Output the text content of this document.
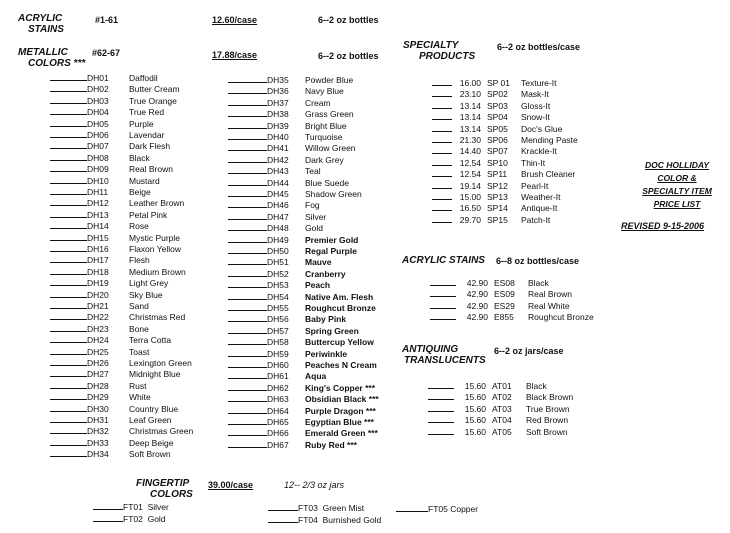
ACRYLIC
STAINS
#1-61	12.60/case	6--2 oz bottles
METALLIC
COLORS ***
#62-67	17.88/case	6--2 oz bottles
DH01 Daffodil
DH02 Butter Cream
DH03 True Orange
DH04 True Red
DH05 Purple
DH06 Lavendar
DH07 Dark Flesh
DH08 Black
DH09 Real Brown
DH10 Mustard
DH11 Beige
DH12 Leather Brown
DH13 Petal Pink
DH14 Rose
DH15 Mystic Purple
DH16 Flaxon Yellow
DH17 Flesh
DH18 Medium Brown
DH19 Light Grey
DH20 Sky Blue
DH21 Sand
DH22 Christmas Red
DH23 Bone
DH24 Terra Cotta
DH25 Toast
DH26 Lexington Green
DH27 Midnight Blue
DH28 Rust
DH29 White
DH30 Country Blue
DH31 Leaf Green
DH32 Christmas Green
DH33 Deep Beige
DH34 Soft Brown
DH35 Powder Blue
DH36 Navy Blue
DH37 Cream
DH38 Grass Green
DH39 Bright Blue
DH40 Turquoise
DH41 Willow Green
DH42 Dark Grey
DH43 Teal
DH44 Blue Suede
DH45 Shadow Green
DH46 Fog
DH47 Silver
DH48 Gold
DH49 Premier Gold
DH50 Regal Purple
DH51 Mauve
DH52 Cranberry
DH53 Peach
DH54 Native Am. Flesh
DH55 Roughcut Bronze
DH56 Baby Pink
DH57 Spring Green
DH58 Buttercup Yellow
DH59 Periwinkle
DH60 Peaches N Cream
DH61 Aqua
DH62 King's Copper ***
DH63 Obsidian Black ***
DH64 Purple Dragon ***
DH65 Egyptian Blue ***
DH66 Emerald Green ***
DH67 Ruby Red ***
SPECIALTY
PRODUCTS
6--2 oz bottles/case
16.00 SP 01 Texture-It
23.10 SP02 Mask-It
13.14 SP03 Gloss-It
13.14 SP04 Snow-It
13.14 SP05 Doc's Glue
21.30 SP06 Mending Paste
14.40 SP07 Krackle-It
12.54 SP10 Thin-It
12.54 SP11 Brush Cleaner
19.14 SP12 Pearl-It
15.00 SP13 Weather-It
16.50 SP14 Antique-It
29.70 SP15 Patch-It
DOC HOLLIDAY
COLOR &
SPECIALTY ITEM
PRICE LIST
REVISED 9-15-2006
ACRYLIC STAINS 6--8 oz bottles/case
42.90 ES08 Black
42.90 ES09 Real Brown
42.90 ES29 Real White
42.90 E855 Roughcut Bronze
ANTIQUING
TRANSLUCENTS
6--2 oz jars/case
15.60 AT01 Black
15.60 AT02 Black Brown
15.60 AT03 True Brown
15.60 AT04 Red Brown
15.60 AT05 Soft Brown
FINGERTIP
COLORS
39.00/case	12-- 2/3 oz jars
FT01 Silver
FT02 Gold
FT03 Green Mist
FT04 Burnished Gold
FT05 Copper
